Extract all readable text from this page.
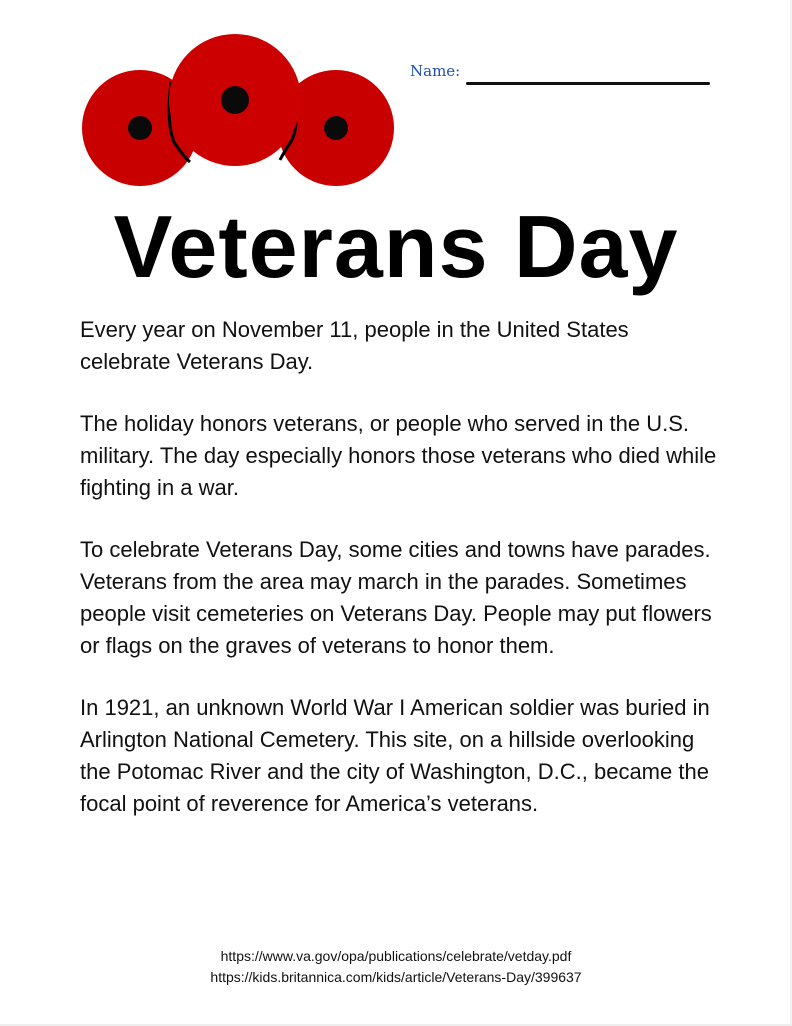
Name:
Veterans Day

Every year on November 11, people in the United States celebrate Veterans Day.

The holiday honors veterans, or people who served in the U.S. military. The day especially honors those veterans who died while fighting in a war.

To celebrate Veterans Day, some cities and towns have parades. Veterans from the area may march in the parades. Sometimes people visit cemeteries on Veterans Day. People may put flowers or flags on the graves of veterans to honor them.

In 1921, an unknown World War I American soldier was buried in Arlington National Cemetery. This site, on a hillside overlooking the Potomac River and the city of Washington, D.C., became the focal point of reverence for America’s veterans.

https://www.va.gov/opa/publications/celebrate/vetday.pdf
https://kids.britannica.com/kids/article/Veterans-Day/399637
